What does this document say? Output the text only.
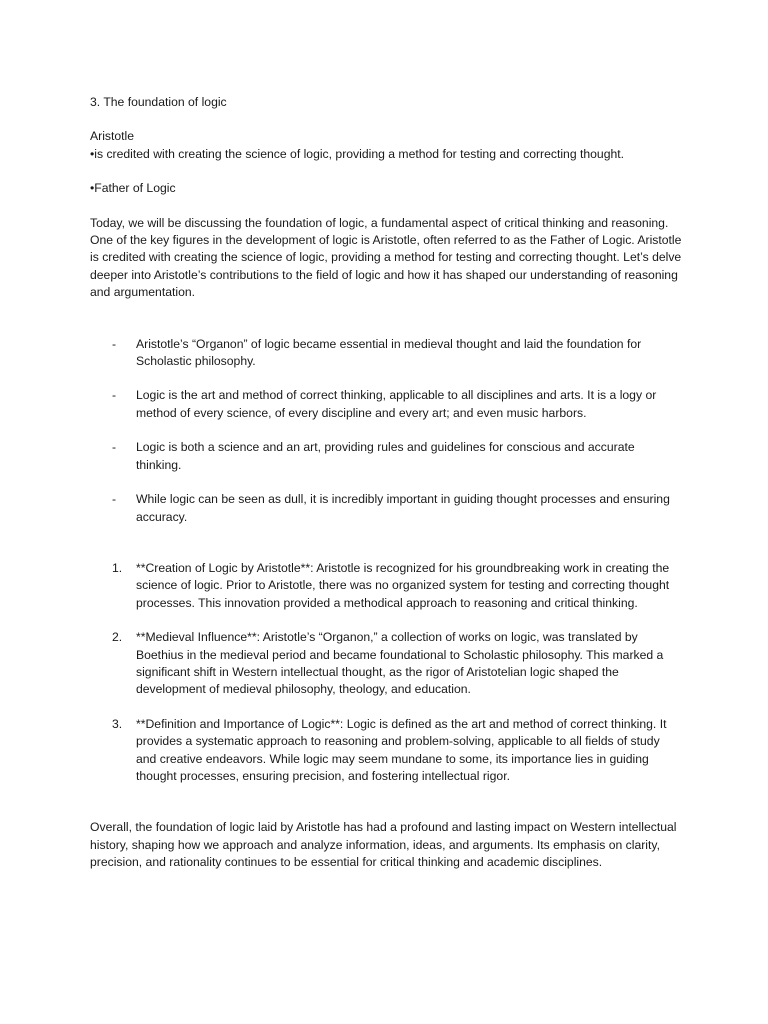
3. The foundation of logic

Aristotle

•is credited with creating the science of logic, providing a method for testing and correcting thought.

•Father of Logic

Today, we will be discussing the foundation of logic, a fundamental aspect of critical thinking and reasoning. One of the key figures in the development of logic is Aristotle, often referred to as the Father of Logic. Aristotle is credited with creating the science of logic, providing a method for testing and correcting thought. Let’s delve deeper into Aristotle’s contributions to the field of logic and how it has shaped our understanding of reasoning and argumentation.

- Aristotle’s “Organon” of logic became essential in medieval thought and laid the foundation for Scholastic philosophy.
- Logic is the art and method of correct thinking, applicable to all disciplines and arts. It is a logy or method of every science, of every discipline and every art; and even music harbors.
- Logic is both a science and an art, providing rules and guidelines for conscious and accurate thinking.
- While logic can be seen as dull, it is incredibly important in guiding thought processes and ensuring accuracy.
1. **Creation of Logic by Aristotle**: Aristotle is recognized for his groundbreaking work in creating the science of logic. Prior to Aristotle, there was no organized system for testing and correcting thought processes. This innovation provided a methodical approach to reasoning and critical thinking.
2. **Medieval Influence**: Aristotle’s “Organon,” a collection of works on logic, was translated by Boethius in the medieval period and became foundational to Scholastic philosophy. This marked a significant shift in Western intellectual thought, as the rigor of Aristotelian logic shaped the development of medieval philosophy, theology, and education.
3. **Definition and Importance of Logic**: Logic is defined as the art and method of correct thinking. It provides a systematic approach to reasoning and problem-solving, applicable to all fields of study and creative endeavors. While logic may seem mundane to some, its importance lies in guiding thought processes, ensuring precision, and fostering intellectual rigor.

Overall, the foundation of logic laid by Aristotle has had a profound and lasting impact on Western intellectual history, shaping how we approach and analyze information, ideas, and arguments. Its emphasis on clarity, precision, and rationality continues to be essential for critical thinking and academic disciplines.
